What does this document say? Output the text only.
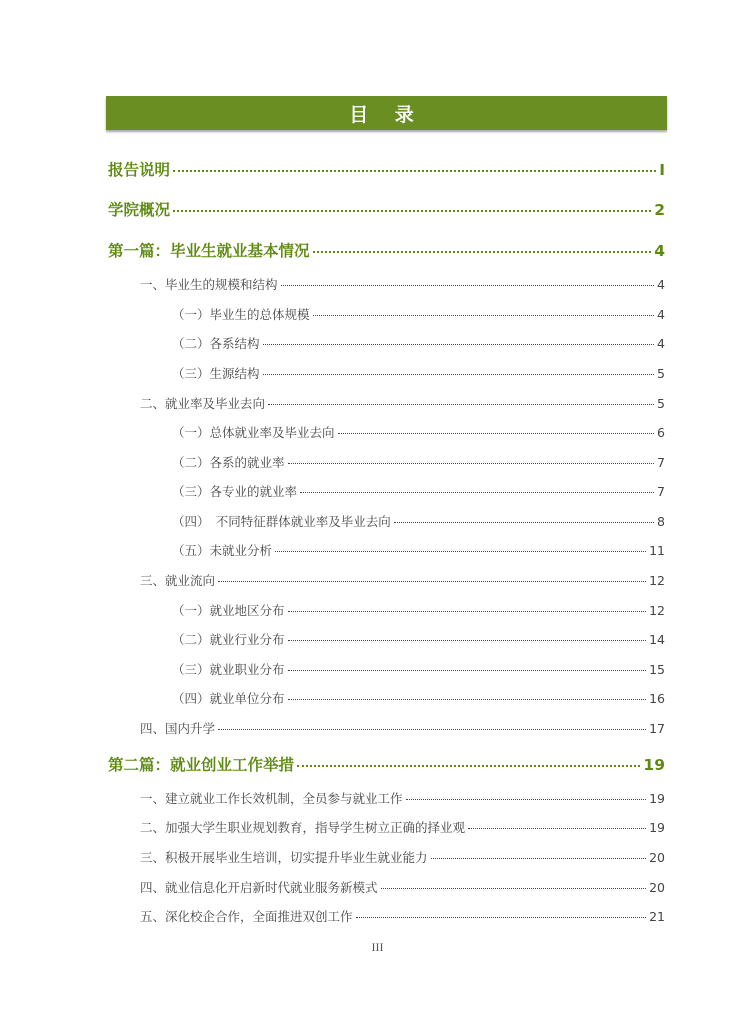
目 录
报告说明	I
学院概况	2
第一篇：毕业生就业基本情况	4
一、毕业生的规模和结构	4
（一）毕业生的总体规模	4
（二）各系结构	4
（三）生源结构	5
二、就业率及毕业去向	5
（一）总体就业率及毕业去向	6
（二）各系的就业率	7
（三）各专业的就业率	7
（四）　不同特征群体就业率及毕业去向	8
（五）未就业分析	11
三、就业流向	12
（一）就业地区分布	12
（二）就业行业分布	14
（三）就业职业分布	15
（四）就业单位分布	16
四、国内升学	17
第二篇：就业创业工作举措	19
一、建立就业工作长效机制，全员参与就业工作	19
二、加强大学生职业规划教育，指导学生树立正确的择业观	19
三、积极开展毕业生培训，切实提升毕业生就业能力	20
四、就业信息化开启新时代就业服务新模式	20
五、深化校企合作，全面推进双创工作	21
III
